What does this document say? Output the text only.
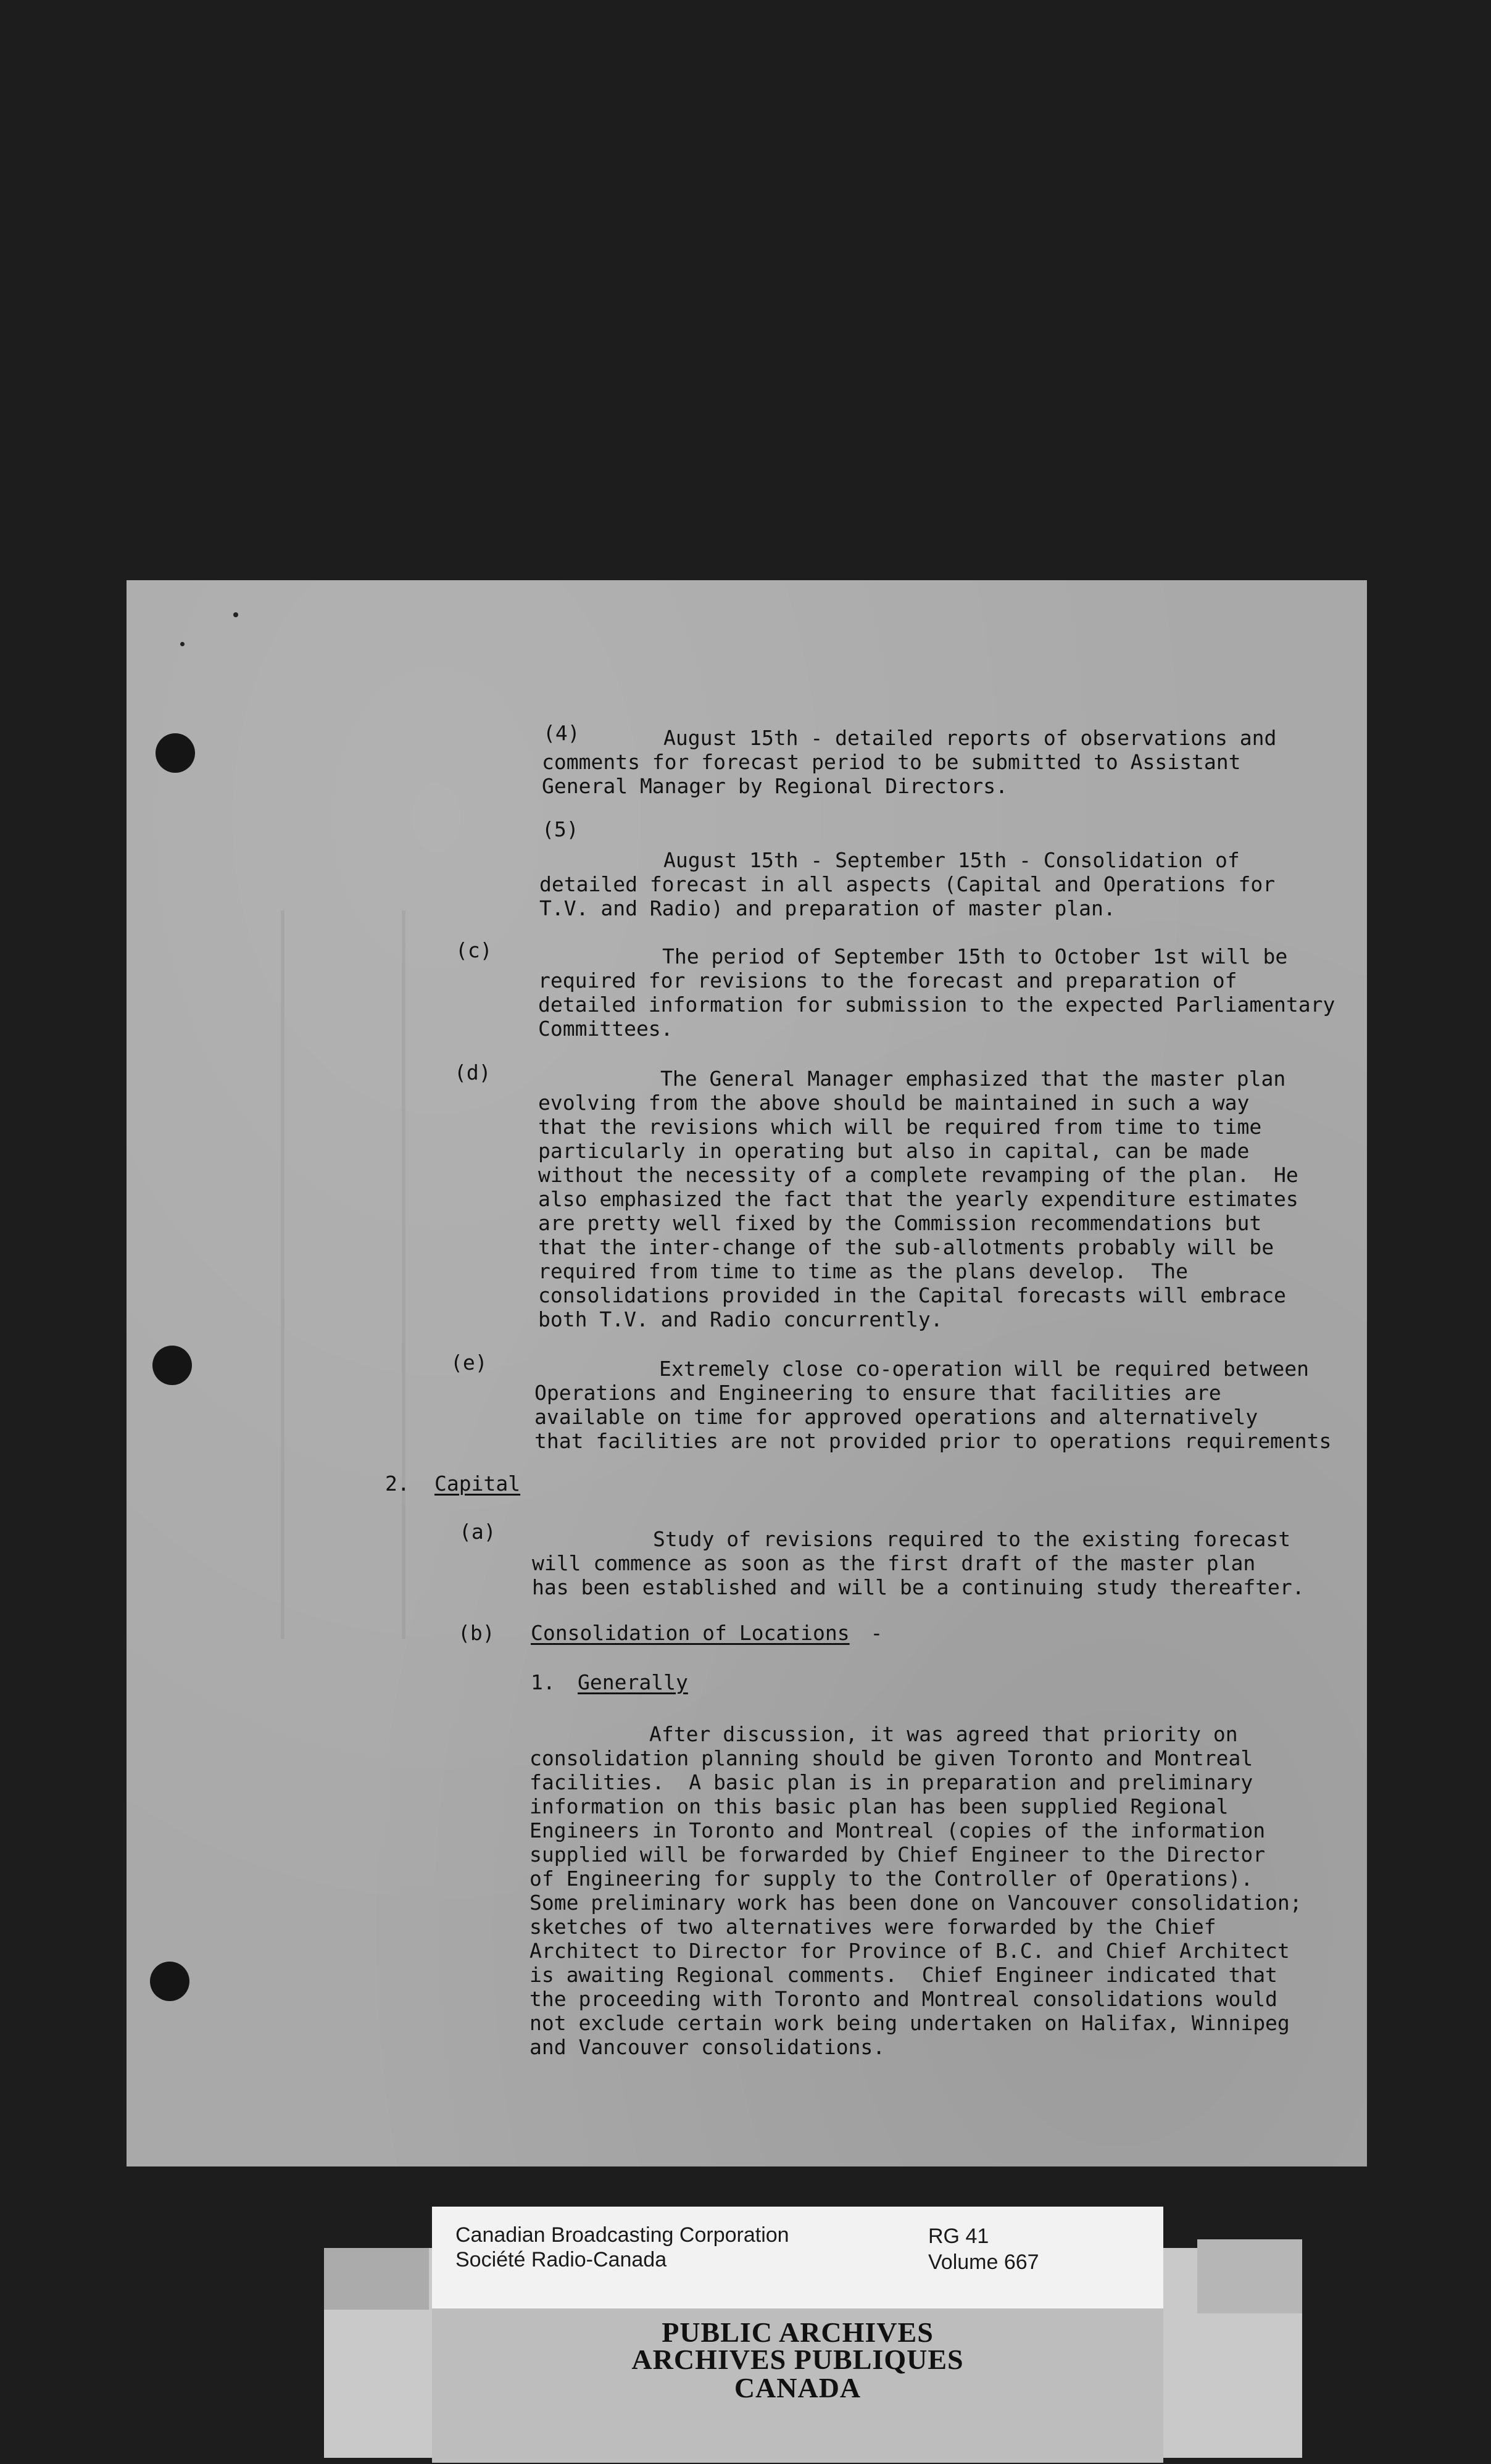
(4)	August 15th - detailed reports of observations and
comments for forecast period to be submitted to Assistant
General Manager by Regional Directors.
(5)
August 15th - September 15th - Consolidation of
detailed forecast in all aspects (Capital and Operations for
T.V. and Radio) and preparation of master plan.
(c)	The period of September 15th to October 1st will be
required for revisions to the forecast and preparation of
detailed information for submission to the expected Parliamentary
Committees.
(d)	The General Manager emphasized that the master plan
evolving from the above should be maintained in such a way
that the revisions which will be required from time to time
particularly in operating but also in capital, can be made
without the necessity of a complete revamping of the plan.  He
also emphasized the fact that the yearly expenditure estimates
are pretty well fixed by the Commission recommendations but
that the inter-change of the sub-allotments probably will be
required from time to time as the plans develop.  The
consolidations provided in the Capital forecasts will embrace
both T.V. and Radio concurrently.
(e)	Extremely close co-operation will be required between
Operations and Engineering to ensure that facilities are
available on time for approved operations and alternatively
that facilities are not provided prior to operations requirements
2. Capital
(a)	Study of revisions required to the existing forecast
will commence as soon as the first draft of the master plan
has been established and will be a continuing study thereafter.
(b) Consolidation of Locations -
1. Generally
After discussion, it was agreed that priority on
consolidation planning should be given Toronto and Montreal
facilities.  A basic plan is in preparation and preliminary
information on this basic plan has been supplied Regional
Engineers in Toronto and Montreal (copies of the information
supplied will be forwarded by Chief Engineer to the Director
of Engineering for supply to the Controller of Operations).
Some preliminary work has been done on Vancouver consolidation;
sketches of two alternatives were forwarded by the Chief
Architect to Director for Province of B.C. and Chief Architect
is awaiting Regional comments.  Chief Engineer indicated that
the proceeding with Toronto and Montreal consolidations would
not exclude certain work being undertaken on Halifax, Winnipeg
and Vancouver consolidations.
Canadian Broadcasting Corporation
Société Radio-Canada
RG 41
Volume 667
PUBLIC ARCHIVES
ARCHIVES PUBLIQUES
CANADA
